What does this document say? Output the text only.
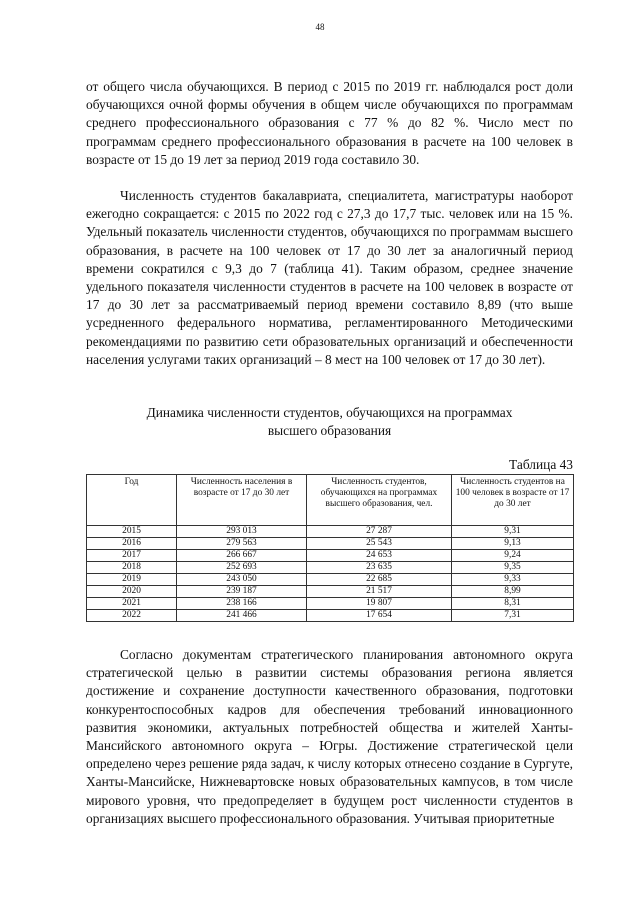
48

от общего числа обучающихся. В период с 2015 по 2019 гг. наблюдался рост доли обучающихся очной формы обучения в общем числе обучающихся по программам среднего профессионального образования с 77 % до 82 %. Число мест по программам среднего профессионального образования в расчете на 100 человек в возрасте от 15 до 19 лет за период 2019 года составило 30.

Численность студентов бакалавриата, специалитета, магистратуры наоборот ежегодно сокращается: с 2015 по 2022 год с 27,3 до 17,7 тыс. человек или на 15 %. Удельный показатель численности студентов, обучающихся по программам высшего образования, в расчете на 100 человек от 17 до 30 лет за аналогичный период времени сократился с 9,3 до 7 (таблица 41). Таким образом, среднее значение удельного показателя численности студентов в расчете на 100 человек в возрасте от 17 до 30 лет за рассматриваемый период времени составило 8,89 (что выше усредненного федерального норматива, регламентированного Методическими рекомендациями по развитию сети образовательных организаций и обеспеченности населения услугами таких организаций – 8 мест на 100 человек от 17 до 30 лет).

Динамика численности студентов, обучающихся на программах
высшего образования
Таблица 43
Год	Численность населения в возрасте от 17 до 30 лет	Численность студентов, обучающихся на программах высшего образования, чел.	Численность студентов на 100 человек в возрасте от 17 до 30 лет
2015	293 013	27 287	9,31
2016	279 563	25 543	9,13
2017	266 667	24 653	9,24
2018	252 693	23 635	9,35
2019	243 050	22 685	9,33
2020	239 187	21 517	8,99
2021	238 166	19 807	8,31
2022	241 466	17 654	7,31

Согласно документам стратегического планирования автономного округа стратегической целью в развитии системы образования региона является достижение и сохранение доступности качественного образования, подготовки конкурентоспособных кадров для обеспечения требований инновационного развития экономики, актуальных потребностей общества и жителей Ханты-Мансийского автономного округа – Югры. Достижение стратегической цели определено через решение ряда задач, к числу которых отнесено создание в Сургуте, Ханты-Мансийске, Нижневартовске новых образовательных кампусов, в том числе мирового уровня, что предопределяет в будущем рост численности студентов в организациях высшего профессионального образования. Учитывая приоритетные
